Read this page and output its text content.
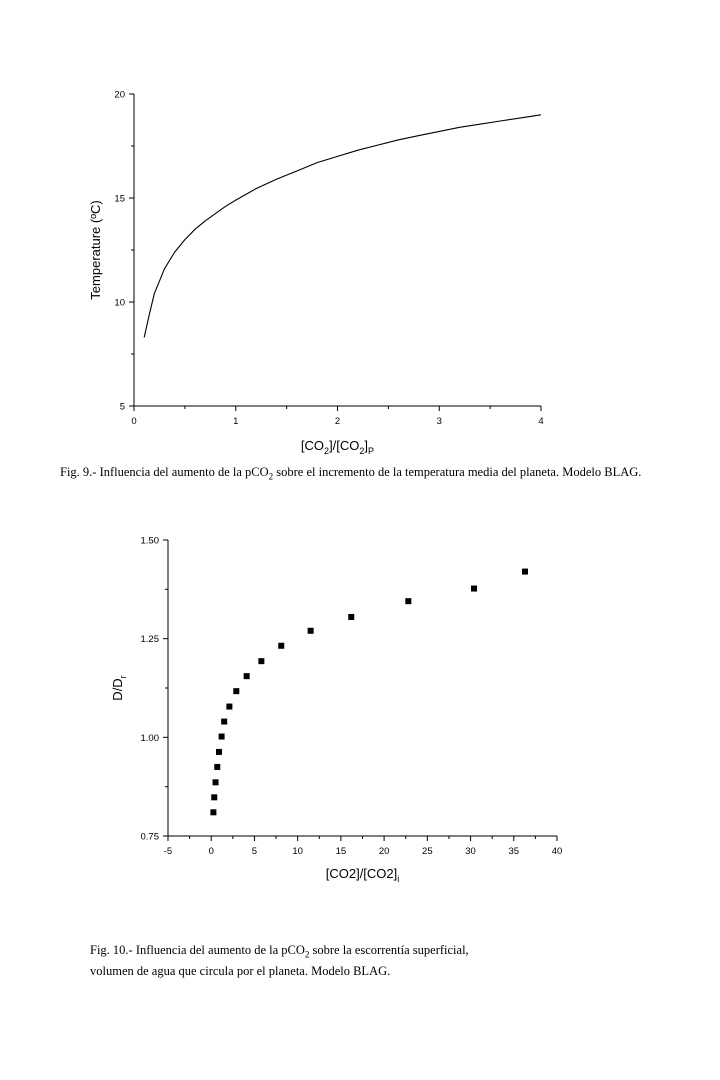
0	1	2	3	4
5
10
15
20
$[CO_2]/[CO_2]_P$
Temperature (ºC)
-5	0	5	10	15	20	25	30	35	40
0.75
1.00
1.25
1.50
$[CO2]/[CO2]_i$
$D/D_r$
Fig. 9.- Influencia del aumento de la pCO$_2$ sobre el incremento de la temperatura media del planeta. Modelo BLAG.
Fig. 10.- Influencia del aumento de la pCO$_2$ sobre la escorrentía superficial,
volumen de agua que circula por el planeta. Modelo BLAG.
